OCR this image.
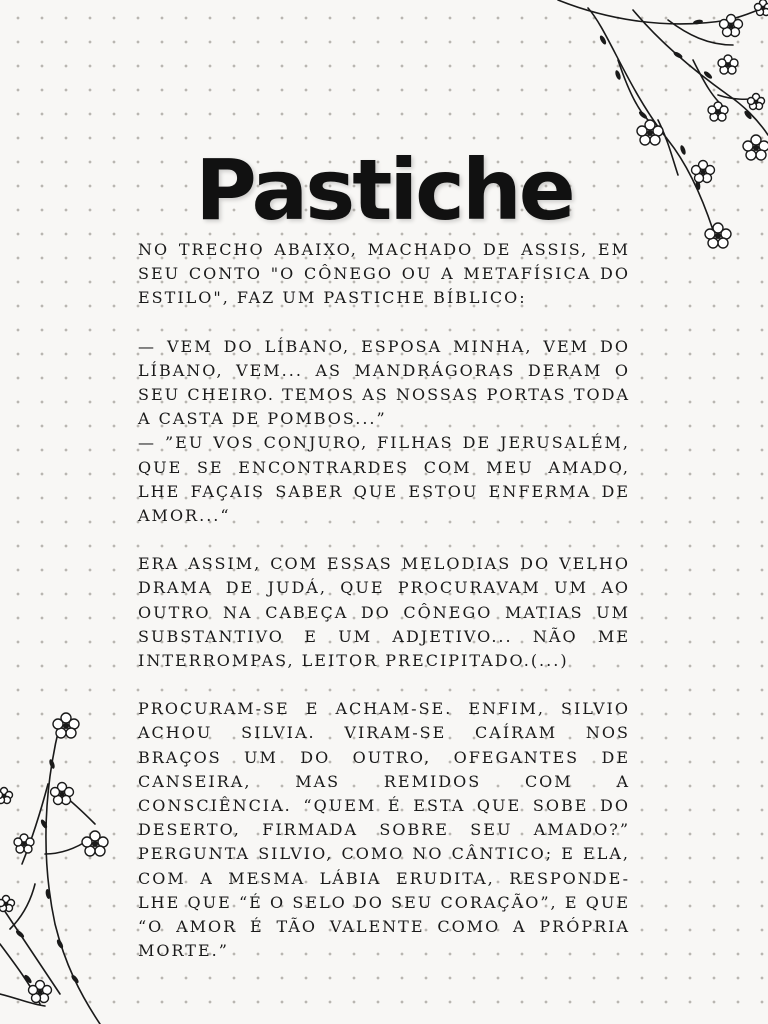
Pastiche

NO TRECHO ABAIXO, MACHADO DE ASSIS, EM SEU CONTO "O CÔNEGO OU A METAFÍSICA DO ESTILO", FAZ UM PASTICHE BÍBLICO:

— VEM DO LÍBANO, ESPOSA MINHA, VEM DO LÍBANO, VEM... AS MANDRÁGORAS DERAM O SEU CHEIRO. TEMOS AS NOSSAS PORTAS TODA A CASTA DE POMBOS...”
— ”EU VOS CONJURO, FILHAS DE JERUSALÉM, QUE SE ENCONTRARDES COM MEU AMADO, LHE FAÇAIS SABER QUE ESTOU ENFERMA DE AMOR...“

ERA ASSIM, COM ESSAS MELODIAS DO VELHO DRAMA DE JUDÁ, QUE PROCURAVAM UM AO OUTRO NA CABEÇA DO CÔNEGO MATIAS UM SUBSTANTIVO E UM ADJETIVO... NÃO ME INTERROMPAS, LEITOR PRECIPITADO.(...)

PROCURAM-SE E ACHAM-SE. ENFIM, SILVIO ACHOU SILVIA. VIRAM-SE CAÍRAM NOS BRAÇOS UM DO OUTRO, OFEGANTES DE CANSEIRA, MAS REMIDOS COM A CONSCIÊNCIA. “QUEM É ESTA QUE SOBE DO DESERTO, FIRMADA SOBRE SEU AMADO?” PERGUNTA SILVIO, COMO NO CÂNTICO; E ELA, COM A MESMA LÁBIA ERUDITA, RESPONDE-LHE QUE “É O SELO DO SEU CORAÇÃO”, E QUE “O AMOR É TÃO VALENTE COMO A PRÓPRIA MORTE.”
